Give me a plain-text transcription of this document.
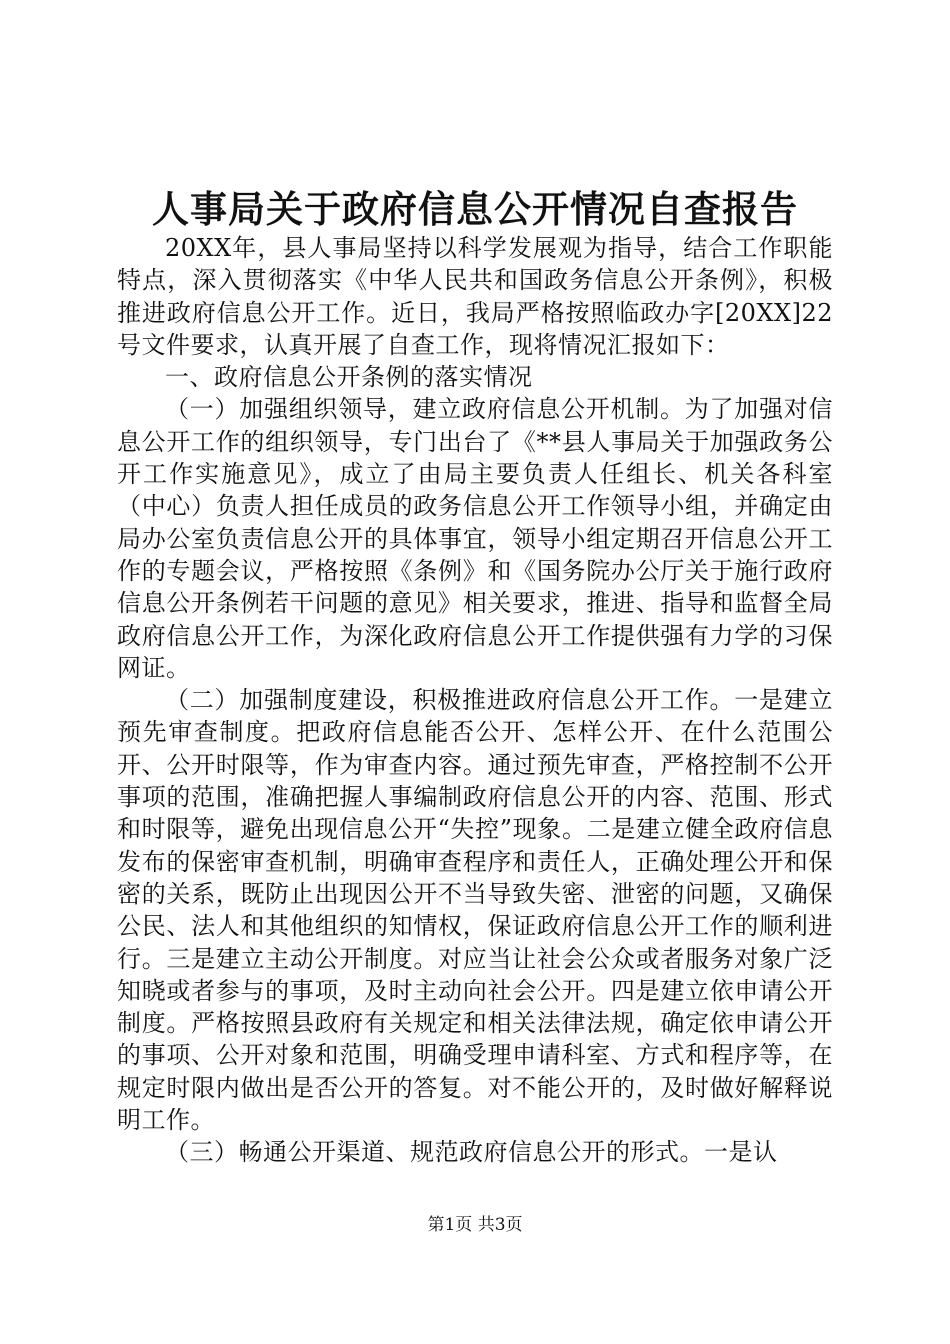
人事局关于政府信息公开情况自查报告

20XX年，县人事局坚持以科学发展观为指导，结合工作职能特点，深入贯彻落实《中华人民共和国政务信息公开条例》，积极推进政府信息公开工作。近日，我局严格按照临政办字[20XX]22号文件要求，认真开展了自查工作，现将情况汇报如下：

一、政府信息公开条例的落实情况

（一）加强组织领导，建立政府信息公开机制。为了加强对信息公开工作的组织领导，专门出台了《**县人事局关于加强政务公开工作实施意见》，成立了由局主要负责人任组长、机关各科室（中心）负责人担任成员的政务信息公开工作领导小组，并确定由局办公室负责信息公开的具体事宜，领导小组定期召开信息公开工作的专题会议，严格按照《条例》和《国务院办公厅关于施行政府信息公开条例若干问题的意见》相关要求，推进、指导和监督全局政府信息公开工作，为深化政府信息公开工作提供强有力学的习保网证。

（二）加强制度建设，积极推进政府信息公开工作。一是建立预先审查制度。把政府信息能否公开、怎样公开、在什么范围公开、公开时限等，作为审查内容。通过预先审查，严格控制不公开事项的范围，准确把握人事编制政府信息公开的内容、范围、形式和时限等，避免出现信息公开“失控”现象。二是建立健全政府信息发布的保密审查机制，明确审查程序和责任人，正确处理公开和保密的关系，既防止出现因公开不当导致失密、泄密的问题，又确保公民、法人和其他组织的知情权，保证政府信息公开工作的顺利进行。三是建立主动公开制度。对应当让社会公众或者服务对象广泛知晓或者参与的事项，及时主动向社会公开。四是建立依申请公开制度。严格按照县政府有关规定和相关法律法规，确定依申请公开的事项、公开对象和范围，明确受理申请科室、方式和程序等，在规定时限内做出是否公开的答复。对不能公开的，及时做好解释说明工作。

（三）畅通公开渠道、规范政府信息公开的形式。一是认

第1页 共3页
